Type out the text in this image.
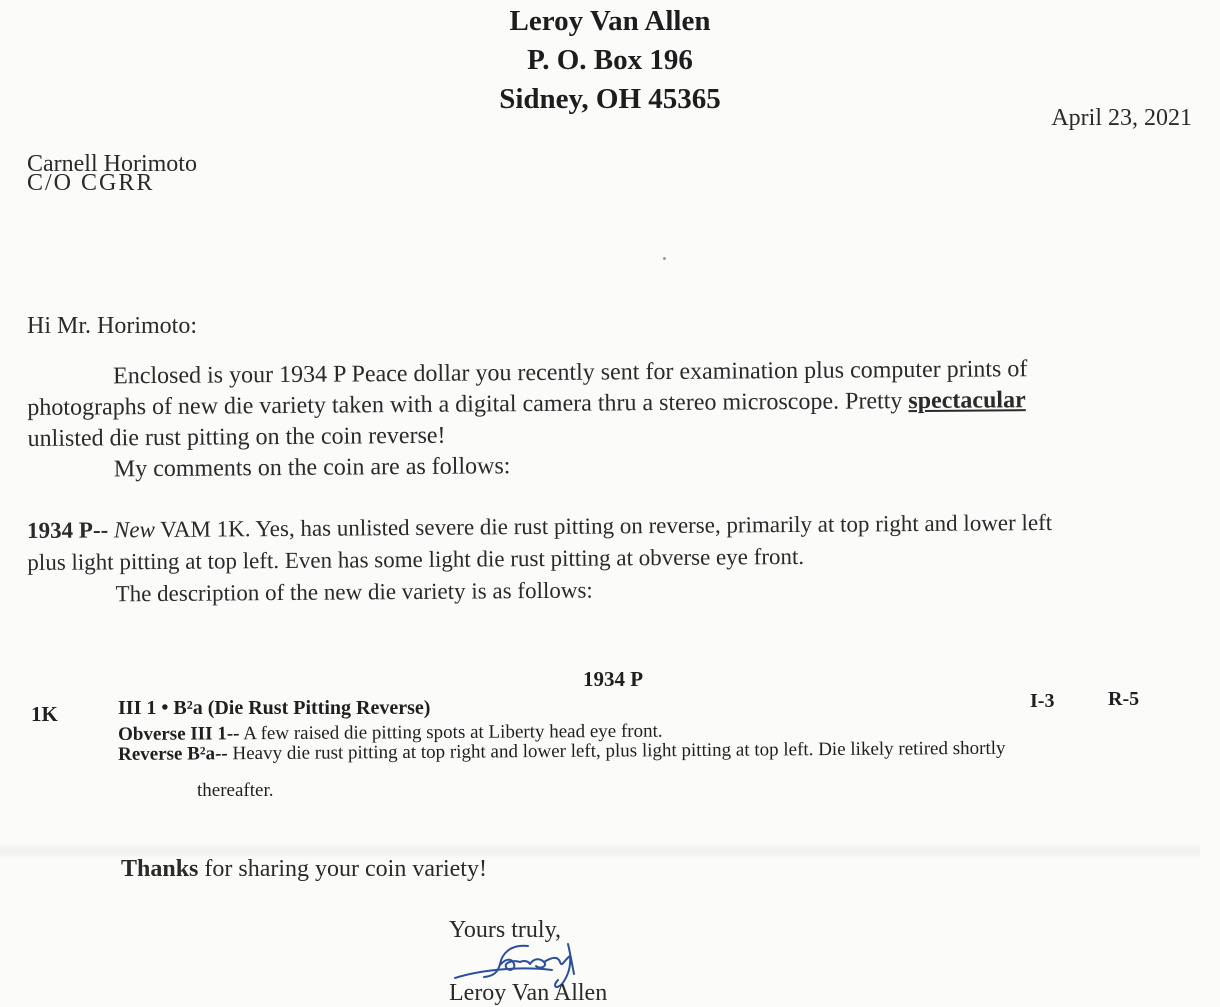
Leroy Van Allen
P. O. Box 196
Sidney, OH 45365
April 23, 2021
Carnell Horimoto
C/O CGRR
Hi Mr. Horimoto:
Enclosed is your 1934 P Peace dollar you recently sent for examination plus computer prints of
photographs of new die variety taken with a digital camera thru a stereo microscope. Pretty spectacular
unlisted die rust pitting on the coin reverse!
My comments on the coin are as follows:
1934 P-- New VAM 1K. Yes, has unlisted severe die rust pitting on reverse, primarily at top right and lower left
plus light pitting at top left. Even has some light die rust pitting at obverse eye front.
The description of the new die variety is as follows:
1934 P
1K	III 1 • B²a (Die Rust Pitting Reverse)	I-3	R-5
Obverse III 1-- A few raised die pitting spots at Liberty head eye front.
Reverse B²a-- Heavy die rust pitting at top right and lower left, plus light pitting at top left. Die likely retired shortly
thereafter.
Thanks for sharing your coin variety!
Yours truly,
Leroy Van Allen
